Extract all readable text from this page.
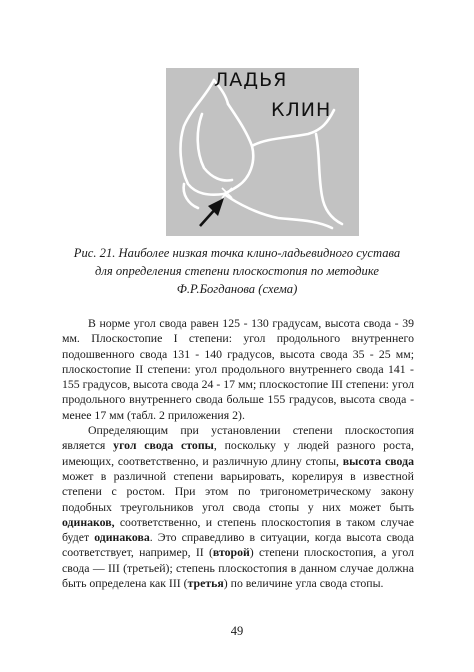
ЛАДЬЯ
КЛИН
Рис. 21. Наиболее низкая точка клино-ладьевидного сустава
для определения степени плоскостопия по методике
Ф.Р.Богданова (схема)

В норме угол свода равен 125 - 130 градусам, высота свода - 39 мм. Плоскостопие I степени: угол продольного внутреннего подошвенного свода 131 - 140 градусов, высота свода 35 - 25 мм; плоскостопие II степени: угол продольного внутреннего свода 141 - 155 градусов, высота свода 24 - 17 мм; плоскостопие III степени: угол продольного внутреннего свода больше 155 градусов, высота свода - менее 17 мм (табл. 2 приложения 2).

Определяющим при установлении степени плоскостопия является угол свода стопы, поскольку у людей разного роста, имеющих, соответственно, и различную длину стопы, высота свода может в различной степени варьировать, корелируя в известной степени с ростом. При этом по тригонометрическому закону подобных треугольников угол свода стопы у них может быть одинаков, соответственно, и степень плоскостопия в таком случае будет одинакова. Это справедливо в ситуации, когда высота свода соответствует, например, II (второй) степени плоскостопия, а угол свода — III (третьей); степень плоскостопия в данном случае должна быть определена как III (третья) по величине угла свода стопы.

49
